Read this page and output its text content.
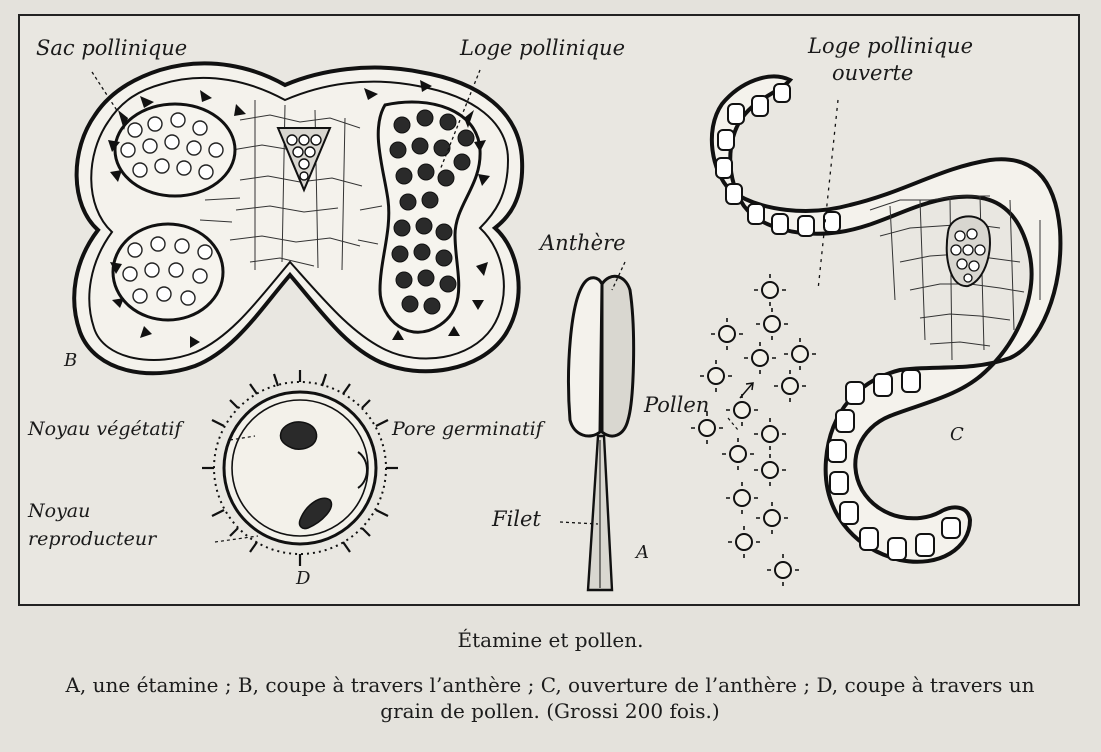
Sac pollinique	Loge pollinique	Loge pollinique

ouverte

Anthère

Pollen

Filet

Noyau végétatif	Pore germinatif

Noyau

reproducteur

B

A

C

D

Étamine et pollen.

A, une étamine ; B, coupe à travers l’anthère ; C, ouverture de l’anthère ; D, coupe à travers un grain de pollen. (Grossi 200 fois.)
